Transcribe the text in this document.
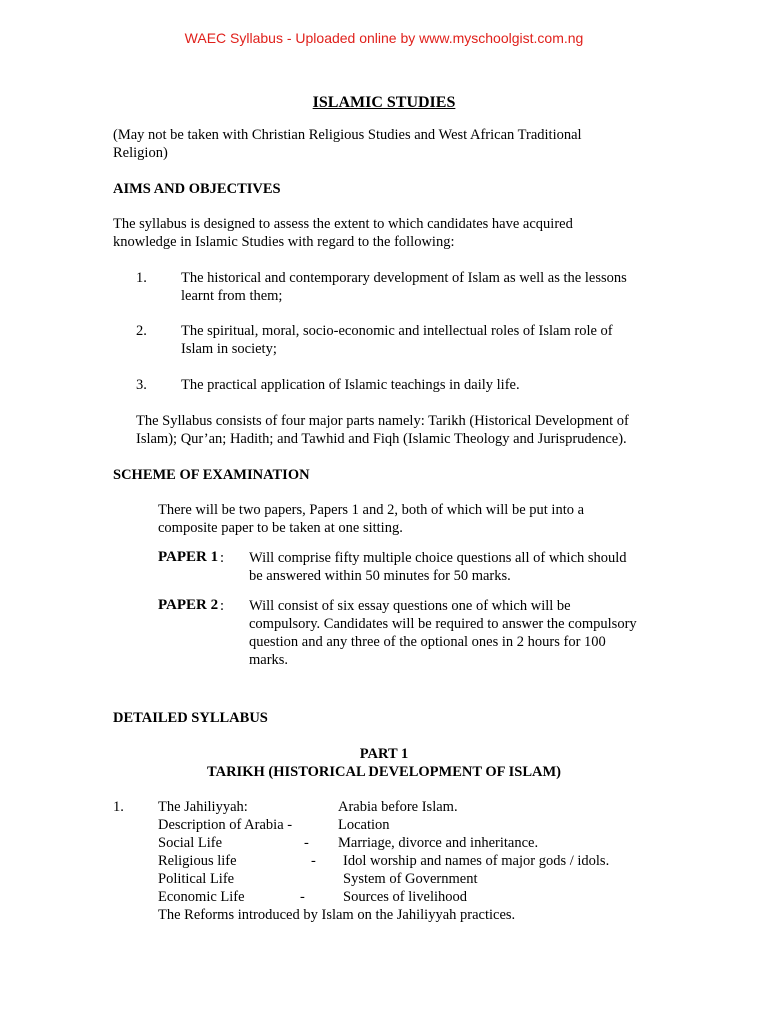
WAEC Syllabus - Uploaded online by www.myschoolgist.com.ng
ISLAMIC STUDIES
(May not be taken with Christian Religious Studies and West African Traditional
Religion)
AIMS AND OBJECTIVES
The syllabus is designed to assess the extent to which candidates have acquired
knowledge in Islamic Studies with regard to the following:
1. The historical and contemporary development of Islam as well as the lessons
learnt from them;
2. The spiritual, moral, socio-economic and intellectual roles of Islam role of
Islam in society;
3. The practical application of Islamic teachings in daily life.
The Syllabus consists of four major parts namely: Tarikh (Historical Development of
Islam); Qur’an; Hadith; and Tawhid and Fiqh (Islamic Theology and Jurisprudence).
SCHEME OF EXAMINATION
There will be two papers, Papers 1 and 2, both of which will be put into a
composite paper to be taken at one sitting.
PAPER 1 : Will comprise fifty multiple choice questions all of which should
be answered within 50 minutes for 50 marks.
PAPER 2 : Will consist of six essay questions one of which will be
compulsory. Candidates will be required to answer the compulsory
question and any three of the optional ones in 2 hours for 100
marks.
DETAILED SYLLABUS
PART 1
TARIKH (HISTORICAL DEVELOPMENT OF ISLAM)
1. The Jahiliyyah:	Arabia before Islam.
Description of Arabia -	Location
Social Life	- Marriage, divorce and inheritance.
Religious life	- Idol worship and names of major gods / idols.
Political Life	System of Government
Economic Life	-	Sources of livelihood
The Reforms introduced by Islam on the Jahiliyyah practices.
